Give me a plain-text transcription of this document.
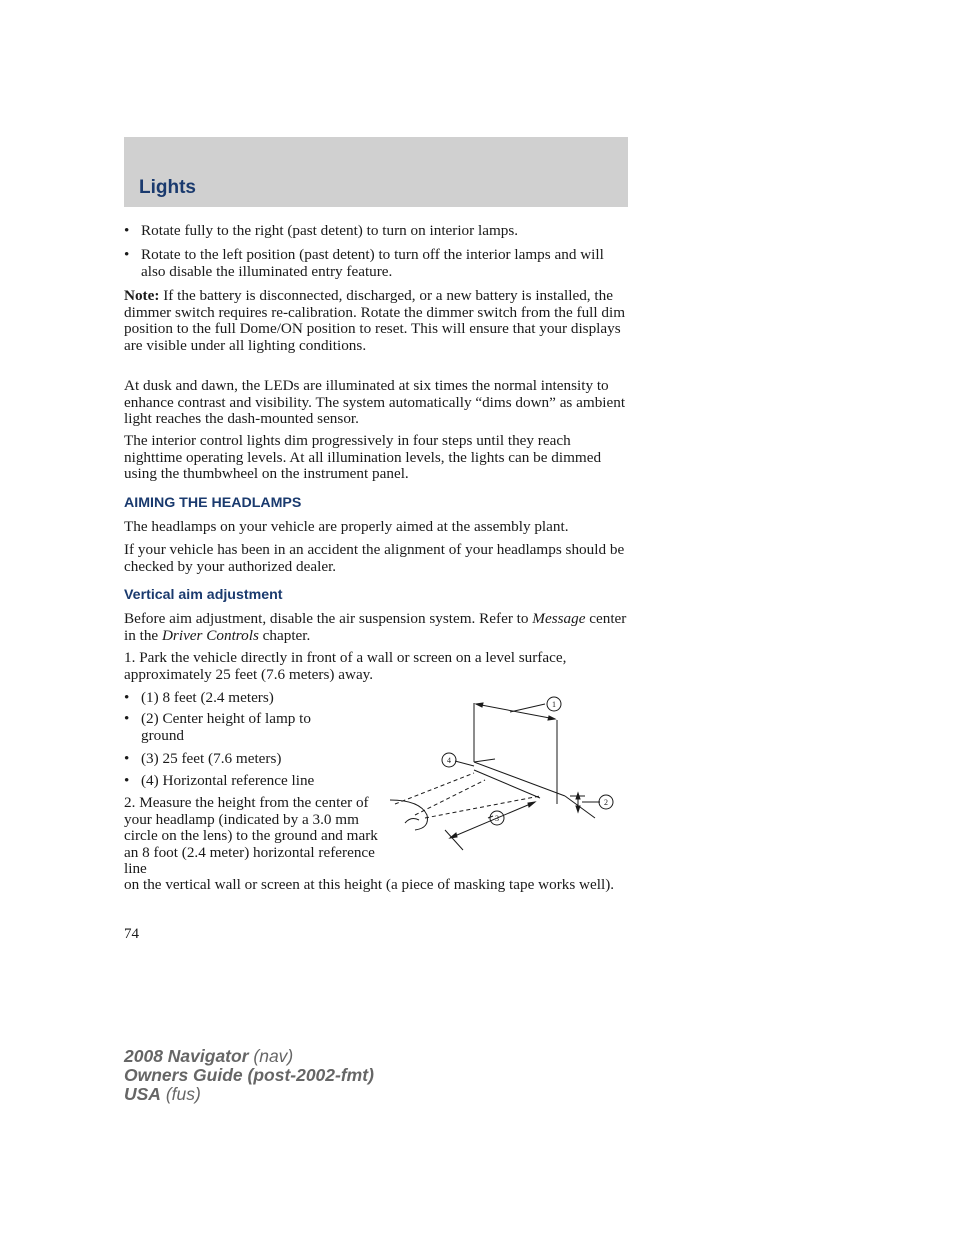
Lights
• Rotate fully to the right (past detent) to turn on interior lamps.
• Rotate to the left position (past detent) to turn off the interior lamps and will also disable the illuminated entry feature.

Note: If the battery is disconnected, discharged, or a new battery is installed, the dimmer switch requires re-calibration. Rotate the dimmer switch from the full dim position to the full Dome/ON position to reset. This will ensure that your displays are visible under all lighting conditions.

At dusk and dawn, the LEDs are illuminated at six times the normal intensity to enhance contrast and visibility. The system automatically “dims down” as ambient light reaches the dash-mounted sensor.

The interior control lights dim progressively in four steps until they reach nighttime operating levels. At all illumination levels, the lights can be dimmed using the thumbwheel on the instrument panel.

AIMING THE HEADLAMPS

The headlamps on your vehicle are properly aimed at the assembly plant.

If your vehicle has been in an accident the alignment of your headlamps should be checked by your authorized dealer.

Vertical aim adjustment

Before aim adjustment, disable the air suspension system. Refer to Message center in the Driver Controls chapter.

1. Park the vehicle directly in front of a wall or screen on a level surface, approximately 25 feet (7.6 meters) away.

• (1) 8 feet (2.4 meters)
• (2) Center height of lamp to ground
• (3) 25 feet (7.6 meters)
• (4) Horizontal reference line

2. Measure the height from the center of your headlamp (indicated by a 3.0 mm circle on the lens) to the ground and mark an 8 foot (2.4 meter) horizontal reference line

on the vertical wall or screen at this height (a piece of masking tape works well).

1
2
3
4
74
2008 Navigator (nav)
Owners Guide (post-2002-fmt)
USA (fus)
